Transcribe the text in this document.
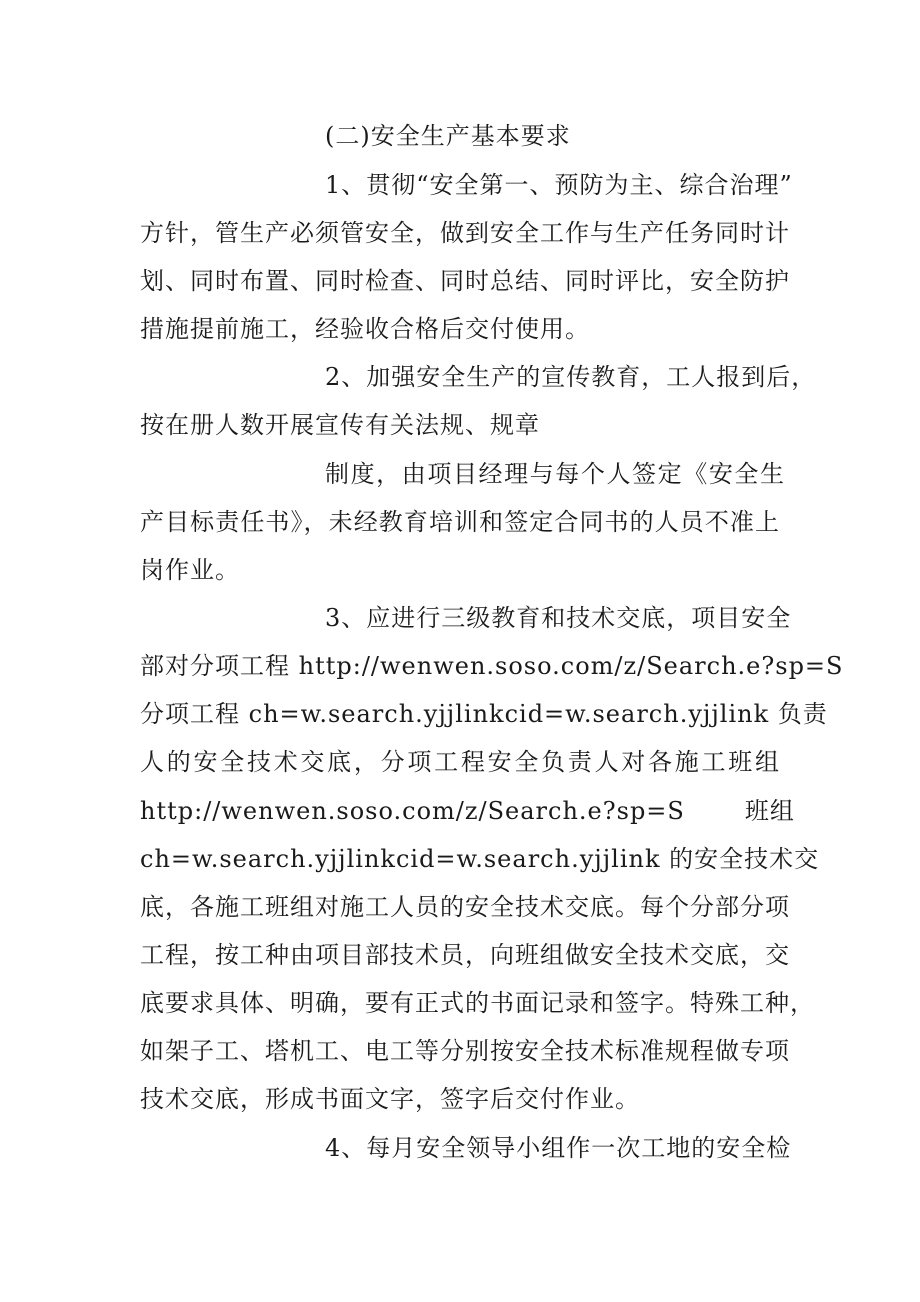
(二)安全生产基本要求
1、贯彻“安全第一、预防为主、综合治理”
方针，管生产必须管安全，做到安全工作与生产任务同时计
划、同时布置、同时检查、同时总结、同时评比，安全防护
措施提前施工，经验收合格后交付使用。
2、加强安全生产的宣传教育，工人报到后，
按在册人数开展宣传有关法规、规章
制度，由项目经理与每个人签定《安全生
产目标责任书》，未经教育培训和签定合同书的人员不准上
岗作业。
3、应进行三级教育和技术交底，项目安全
部对分项工程 http://wenwen.soso.com/z/Search.e?sp=S
分项工程 ch=w.search.yjjlinkcid=w.search.yjjlink 负责
人的安全技术交底，分项工程安全负责人对各施工班组
http://wenwen.soso.com/z/Search.e?sp=S	班 组
ch=w.search.yjjlinkcid=w.search.yjjlink 的安全技术交
底，各施工班组对施工人员的安全技术交底。每个分部分项
工程，按工种由项目部技术员，向班组做安全技术交底，交
底要求具体、明确，要有正式的书面记录和签字。特殊工种，
如架子工、塔机工、电工等分别按安全技术标准规程做专项
技术交底，形成书面文字，签字后交付作业。
4、每月安全领导小组作一次工地的安全检
